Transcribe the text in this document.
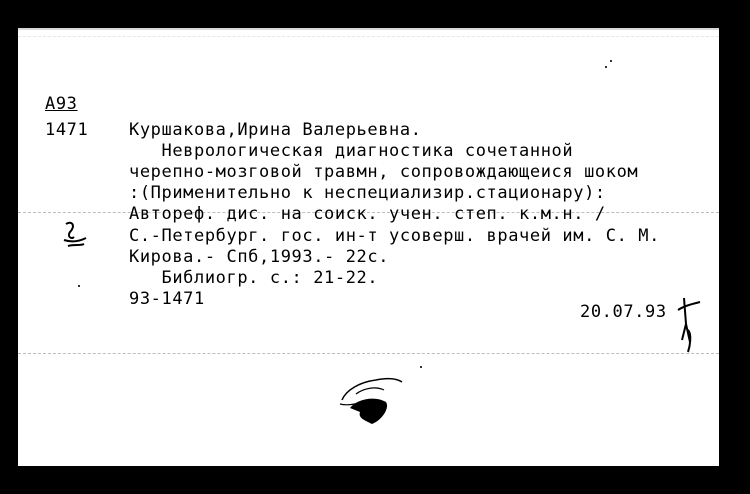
А93
1471 Куршакова,Ирина Валерьевна.
Неврологическая диагностика сочетанной
черепно-мозговой травмн, сопровождающеися шоком
:(Применительно к неспециализир.стационару):
Автореф. дис. на соиск. учен. степ. к.м.н. /
С.-Петербург. гос. ин-т усоверш. врачей им. С. М.
Кирова.- Спб,1993.- 22с.
Библиогр. с.: 21-22.
93-1471
20.07.93
